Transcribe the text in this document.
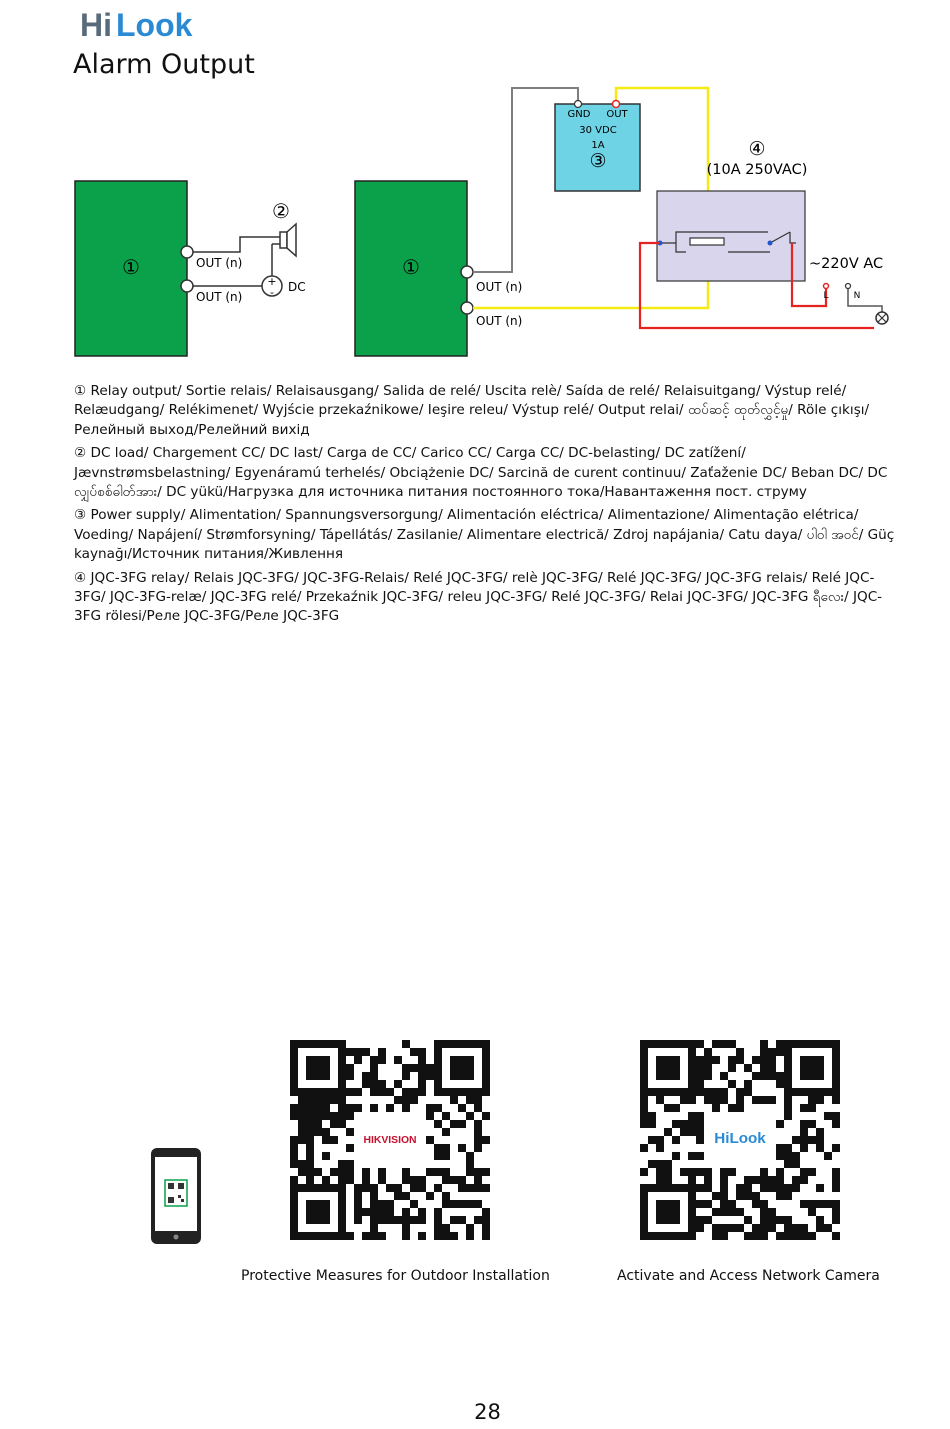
Hi Look
Alarm Output
①	OUT (n)
OUT (n)
+
- DC
②
①
OUT (n)
OUT (n)
GND OUT
30 VDC
1A
③
④
(10A 250VAC)
L	N
~220V AC

① Relay output/ Sortie relais/ Relaisausgang/ Salida de relé/ Uscita relè/ Saída de relé/ Relaisuitgang/ Výstup relé/ Relæudgang/ Relékimenet/ Wyjście przekaźnikowe/ Ieşire releu/ Výstup relé/ Output relai/ ထပ်ဆင့် ထုတ်လွှင့်မှု/ Röle çıkışı/Релейный выход/Релейний вихід

② DC load/ Chargement CC/ DC last/ Carga de CC/ Carico CC/ Carga CC/ DC-belasting/ DC zatížení/ Jævnstrømsbelastning/ Egyenáramú terhelés/ Obciążenie DC/ Sarcină de curent continuu/ Zaťaženie DC/ Beban DC/ DC လျှပ်စစ်ဓါတ်အား/ DC yükü/Нагрузка для источника питания постоянного тока/Навантаження пост. струму

③ Power supply/ Alimentation/ Spannungsversorgung/ Alimentación eléctrica/ Alimentazione/ Alimentação elétrica/ Voeding/ Napájení/ Strømforsyning/ Tápellátás/ Zasilanie/ Alimentare electrică/ Zdroj napájania/ Catu daya/ ပါဝါ အဝင်/ Güç kaynağı/Источник питания/Живлення

④ JQC-3FG relay/ Relais JQC-3FG/ JQC-3FG-Relais/ Relé JQC-3FG/ relè JQC-3FG/ Relé JQC-3FG/ JQC-3FG relais/ Relé JQC-3FG/ JQC-3FG-relæ/ JQC-3FG relé/ Przekaźnik JQC-3FG/ releu JQC-3FG/ Relé JQC-3FG/ Relai JQC-3FG/ JQC-3FG ရီလေး/ JQC-3FG rölesi/Реле JQC-3FG/Реле JQC-3FG

HIKVISION	HiLook
Protective Measures for Outdoor Installation	Activate and Access Network Camera
28
